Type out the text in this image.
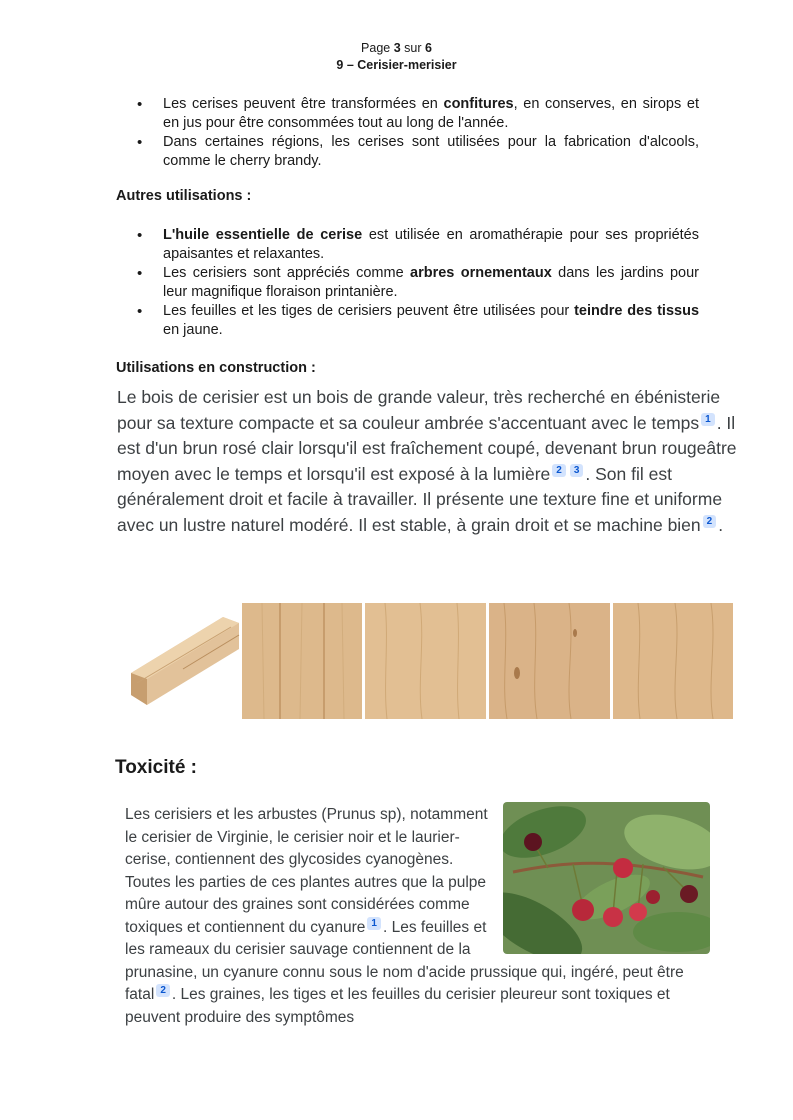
Page 3 sur 6
9 – Cerisier-merisier
• Les cerises peuvent être transformées en confitures, en conserves, en sirops et en jus pour être consommées tout au long de l'année.
• Dans certaines régions, les cerises sont utilisées pour la fabrication d'alcools, comme le cherry brandy.
Autres utilisations :
• L'huile essentielle de cerise est utilisée en aromathérapie pour ses propriétés apaisantes et relaxantes.
• Les cerisiers sont appréciés comme arbres ornementaux dans les jardins pour leur magnifique floraison printanière.
• Les feuilles et les tiges de cerisiers peuvent être utilisées pour teindre des tissus en jaune.
Utilisations en construction :
Le bois de cerisier est un bois de grande valeur, très recherché en ébénisterie pour sa texture compacte et sa couleur ambrée s'accentuant avec le temps $^1$ . Il est d'un brun rosé clair lorsqu'il est fraîchement coupé, devenant brun rougeâtre moyen avec le temps et lorsqu'il est exposé à la lumière $^2$ $^3$ . Son fil est généralement droit et facile à travailler. Il présente une texture fine et uniforme avec un lustre naturel modéré. Il est stable, à grain droit et se machine bien $^2$ .
Toxicité :
Les cerisiers et les arbustes (Prunus sp), notamment le cerisier de Virginie, le cerisier noir et le laurier-cerise, contiennent des glycosides cyanogènes. Toutes les parties de ces plantes autres que la pulpe mûre autour des graines sont considérées comme toxiques et contiennent du cyanure $^1$ . Les feuilles et les rameaux du cerisier sauvage contiennent de la prunasine, un cyanure connu sous le nom d'acide prussique qui, ingéré, peut être fatal $^2$ . Les graines, les tiges et les feuilles du cerisier pleureur sont toxiques et peuvent produire des symptômes
